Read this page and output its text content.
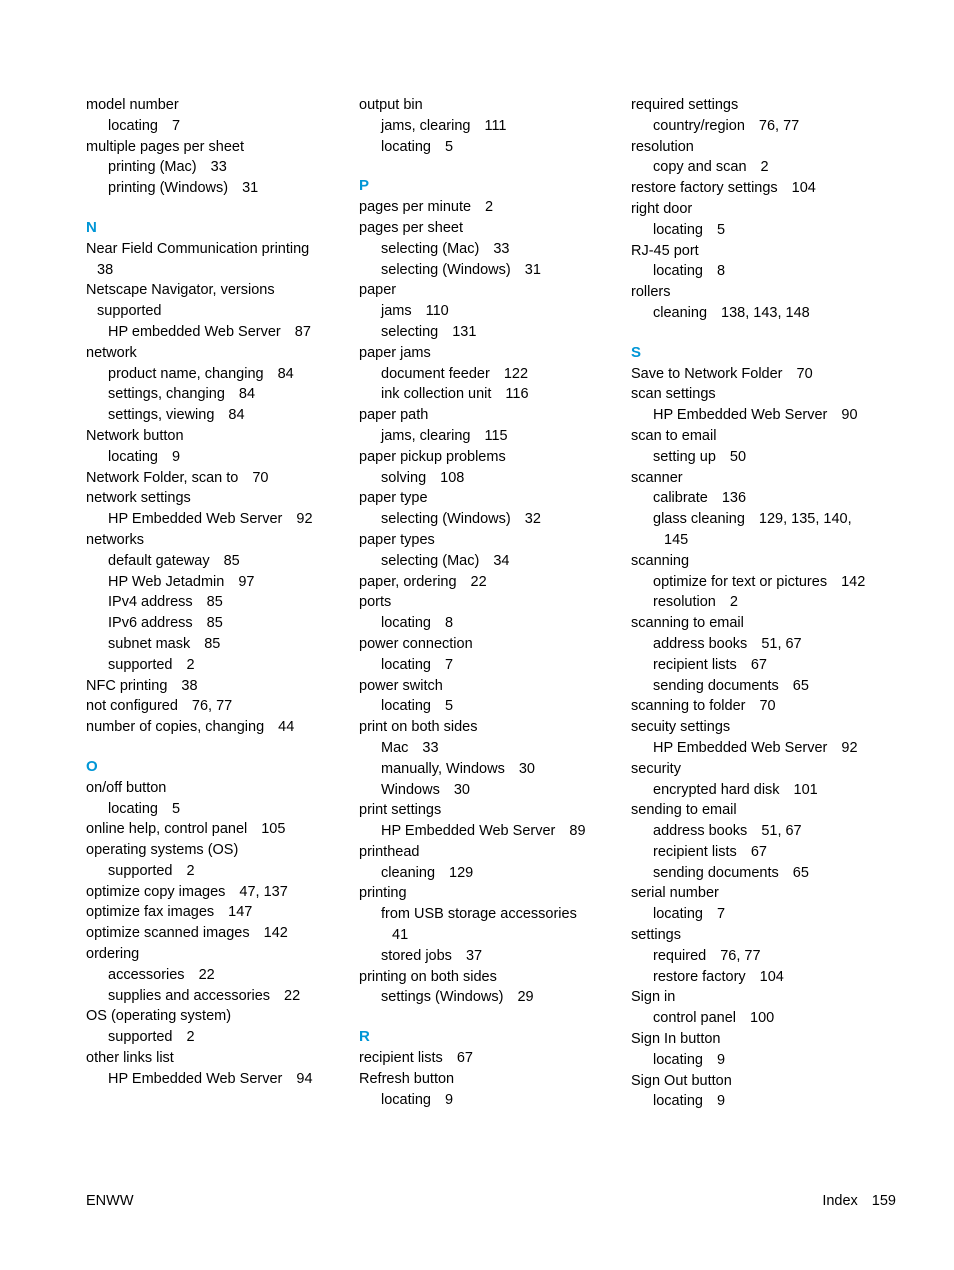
model number
locating 7
multiple pages per sheet
printing (Mac) 33
printing (Windows) 31
N
Near Field Communication printing
38
Netscape Navigator, versions
supported
HP embedded Web Server 87
network
product name, changing 84
settings, changing 84
settings, viewing 84
Network button
locating 9
Network Folder, scan to 70
network settings
HP Embedded Web Server 92
networks
default gateway 85
HP Web Jetadmin 97
IPv4 address 85
IPv6 address 85
subnet mask 85
supported 2
NFC printing 38
not configured 76, 77
number of copies, changing 44
O
on/off button
locating 5
online help, control panel 105
operating systems (OS)
supported 2
optimize copy images 47, 137
optimize fax images 147
optimize scanned images 142
ordering
accessories 22
supplies and accessories 22
OS (operating system)
supported 2
other links list
HP Embedded Web Server 94
output bin
jams, clearing 111
locating 5
P
pages per minute 2
pages per sheet
selecting (Mac) 33
selecting (Windows) 31
paper
jams 110
selecting 131
paper jams
document feeder 122
ink collection unit 116
paper path
jams, clearing 115
paper pickup problems
solving 108
paper type
selecting (Windows) 32
paper types
selecting (Mac) 34
paper, ordering 22
ports
locating 8
power connection
locating 7
power switch
locating 5
print on both sides
Mac 33
manually, Windows 30
Windows 30
print settings
HP Embedded Web Server 89
printhead
cleaning 129
printing
from USB storage accessories
41
stored jobs 37
printing on both sides
settings (Windows) 29
R
recipient lists 67
Refresh button
locating 9
required settings
country/region 76, 77
resolution
copy and scan 2
restore factory settings 104
right door
locating 5
RJ-45 port
locating 8
rollers
cleaning 138, 143, 148
S
Save to Network Folder 70
scan settings
HP Embedded Web Server 90
scan to email
setting up 50
scanner
calibrate 136
glass cleaning 129, 135, 140,
145
scanning
optimize for text or pictures 142
resolution 2
scanning to email
address books 51, 67
recipient lists 67
sending documents 65
scanning to folder 70
secuity settings
HP Embedded Web Server 92
security
encrypted hard disk 101
sending to email
address books 51, 67
recipient lists 67
sending documents 65
serial number
locating 7
settings
required 76, 77
restore factory 104
Sign in
control panel 100
Sign In button
locating 9
Sign Out button
locating 9
ENWW	Index 159
